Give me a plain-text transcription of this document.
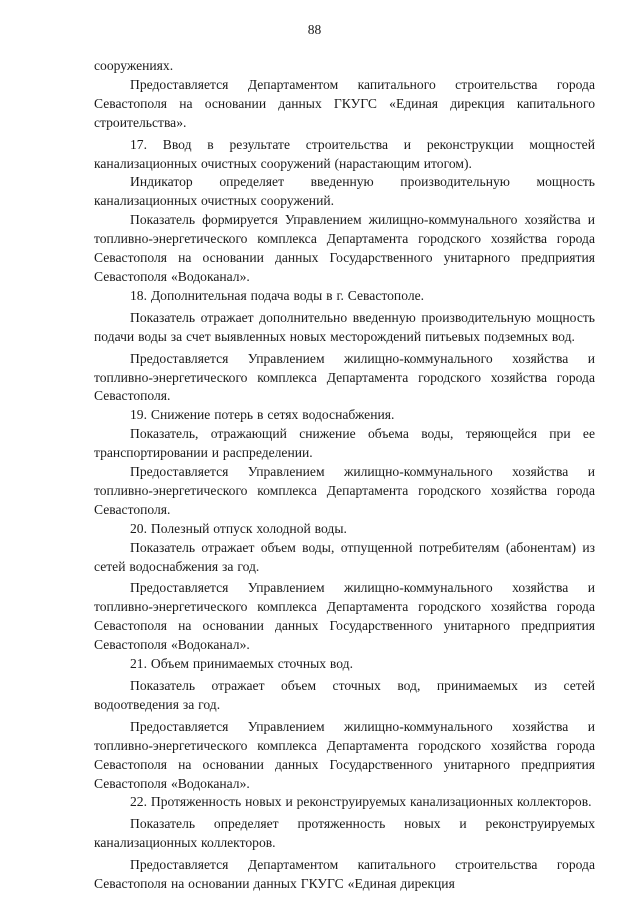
88

сооружениях.

Предоставляется Департаментом капитального строительства города Севастополя на основании данных ГКУГС «Единая дирекция капитального строительства».

17. Ввод в результате строительства и реконструкции мощностей канализационных очистных сооружений (нарастающим итогом).

Индикатор определяет введенную производительную мощность канализационных очистных сооружений.

Показатель формируется Управлением жилищно-коммунального хозяйства и топливно-энергетического комплекса Департамента городского хозяйства города Севастополя на основании данных Государственного унитарного предприятия Севастополя «Водоканал».

18. Дополнительная подача воды в г. Севастополе.

Показатель отражает дополнительно введенную производительную мощность подачи воды за счет выявленных новых месторождений питьевых подземных вод.

Предоставляется Управлением жилищно-коммунального хозяйства и топливно-энергетического комплекса Департамента городского хозяйства города Севастополя.

19. Снижение потерь в сетях водоснабжения.

Показатель, отражающий снижение объема воды, теряющейся при ее транспортировании и распределении.

Предоставляется Управлением жилищно-коммунального хозяйства и топливно-энергетического комплекса Департамента городского хозяйства города Севастополя.

20. Полезный отпуск холодной воды.

Показатель отражает объем воды, отпущенной потребителям (абонентам) из сетей водоснабжения за год.

Предоставляется Управлением жилищно-коммунального хозяйства и топливно-энергетического комплекса Департамента городского хозяйства города Севастополя на основании данных Государственного унитарного предприятия Севастополя «Водоканал».

21. Объем принимаемых сточных вод.

Показатель отражает объем сточных вод, принимаемых из сетей водоотведения за год.

Предоставляется Управлением жилищно-коммунального хозяйства и топливно-энергетического комплекса Департамента городского хозяйства города Севастополя на основании данных Государственного унитарного предприятия Севастополя «Водоканал».

22. Протяженность новых и реконструируемых канализационных коллекторов.

Показатель определяет протяженность новых и реконструируемых канализационных коллекторов.

Предоставляется Департаментом капитального строительства города Севастополя на основании данных ГКУГС «Единая дирекция
